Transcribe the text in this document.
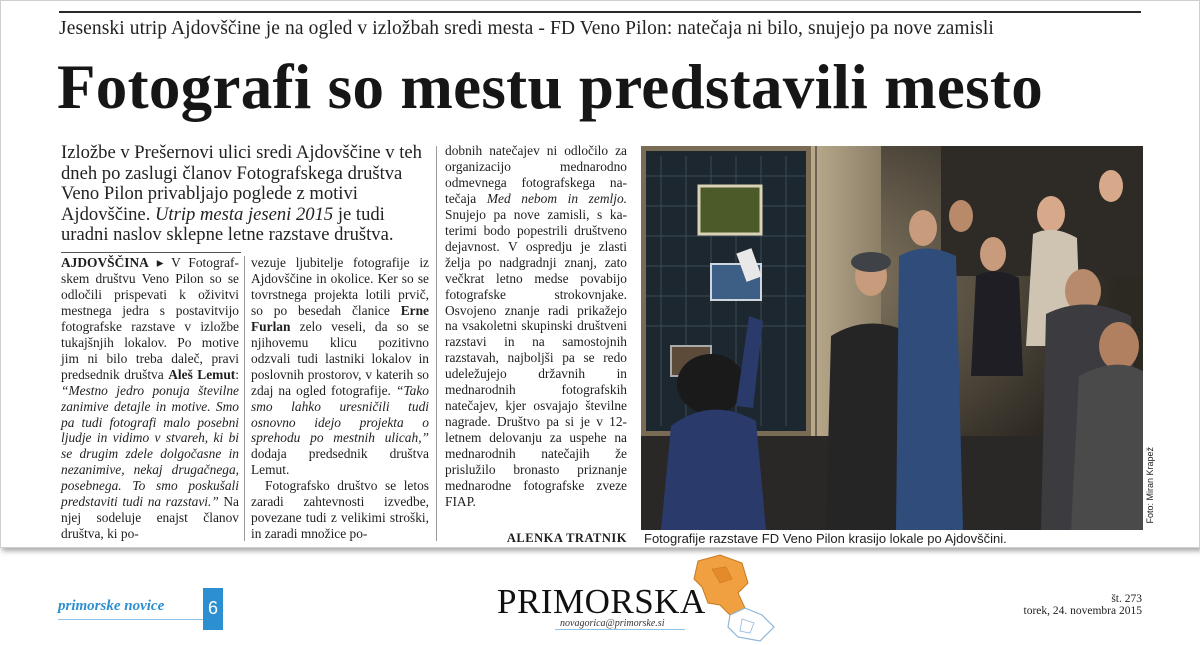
Jesenski utrip Ajdovščine je na ogled v izložbah sredi mesta - FD Veno Pilon: natečaja ni bilo, snujejo pa nove zamisli
Fotografi so mestu predstavili mesto
Izložbe v Prešernovi ulici sredi Ajdovščine v teh dneh po zaslugi članov Fotografskega društva Veno Pilon privabljajo poglede z motivi Ajdovščine. Utrip mesta jeseni 2015 je tudi uradni naslov sklepne letne razstave društva.

AJDOVŠČINA ▸ V Fotografskem društvu Veno Pilon so se odločili prispevati k oživitvi mestnega jedra s postavitvijo fotografske razstave v izložbe tukajšnjih lokalov. Po motive jim ni bilo treba daleč, pravi predsednik društva Aleš Lemut: “Mestno jedro ponuja številne zanimive detajle in motive. Smo pa tudi fotografi malo posebni ljudje in vidimo v stvareh, ki bi se drugim zdele dolgočasne in nezanimive, nekaj drugačnega, posebnega. To smo poskušali predstaviti tudi na razstavi.” Na njej sodeluje enajst članov društva, ki po-

vezuje ljubitelje fotografije iz Ajdovščine in okolice. Ker so se tovrstnega projekta lotili prvič, so po besedah članice Erne Furlan zelo veseli, da so se njihovemu klicu pozitivno odzvali tudi lastniki lokalov in poslovnih prostorov, v katerih so zdaj na ogled fotografije. “Tako smo lahko uresničili tudi osnovno idejo projekta o sprehodu po mestnih ulicah,” dodaja predsednik društva Lemut.

Fotografsko društvo se letos zaradi zahtevnosti izvedbe, povezane tudi z velikimi stroški, in zaradi množice po-

dobnih natečajev ni odločilo za organizacijo mednarodno odmevnega fotografskega natečaja Med nebom in zemljo. Snujejo pa nove zamisli, s katerimi bodo popestrili društveno dejavnost. V ospredju je zlasti želja po nadgradnji znanj, zato večkrat letno medse povabijo fotografske strokovnjake. Osvojeno znanje radi prikažejo na vsakoletni skupinski društveni razstavi in na samostojnih razstavah, najboljši pa se redo udeležujejo državnih in mednarodnih fotografskih natečajev, kjer osvajajo številne nagrade. Društvo pa si je v 12-letnem delovanju za uspehe na mednarodnih natečajih že prislužilo bronasto priznanje mednarodne fotografske zveze FIAP.

ALENKA TRATNIK
Foto: Miran Krapež
Fotografije razstave FD Veno Pilon krasijo lokale po Ajdovščini.
primorske novice 6	PRIMORSKA
novagorica@primorske.si
št. 273
torek, 24. novembra 2015
